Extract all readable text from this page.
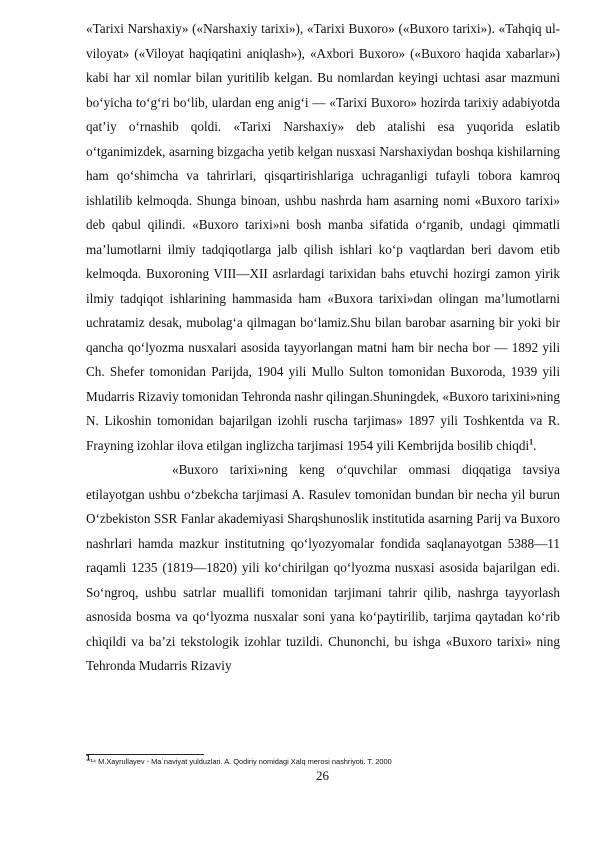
«Tarixi Narshaxiy» («Narshaxiy tarixi»), «Tarixi Buxoro» («Buxoro tarixi»). «Tahqiq ul-viloyat» («Viloyat haqiqatini aniqlash»), «Axbori Buxoro» («Buxoro haqida xabarlar») kabi har xil nomlar bilan yuritilib kelgan. Bu nomlardan keyingi uchtasi asar mazmuni bo‘yicha to‘g‘ri bo‘lib, ulardan eng anig‘i — «Tarixi Buxoro» hozirda tarixiy adabiyotda qat’iy o‘rnashib qoldi. «Tarixi Narshaxiy» deb atalishi esa yuqorida eslatib o‘tganimizdek, asarning bizgacha yetib kelgan nusxasi Narshaxiydan boshqa kishilarning ham qo‘shimcha va tahrirlari, qisqartirishlariga uchraganligi tufayli tobora kamroq ishlatilib kelmoqda. Shunga binoan, ushbu nashrda ham asarning nomi «Buxoro tarixi» deb qabul qilindi. «Buxoro tarixi»ni bosh manba sifatida o‘rganib, undagi qimmatli ma’lumotlarni ilmiy tadqiqotlarga jalb qilish ishlari ko‘p vaqtlardan beri davom etib kelmoqda. Buxoroning VIII—XII asrlardagi tarixidan bahs etuvchi hozirgi zamon yirik ilmiy tadqiqot ishlarining hammasida ham «Buxora tarixi»dan olingan ma’lumotlarni uchratamiz desak, mubolag‘a qilmagan bo‘lamiz.Shu bilan barobar asarning bir yoki bir qancha qo‘lyozma nusxalari asosida tayyorlangan matni ham bir necha bor — 1892 yili Ch. Shefer tomonidan Parijda, 1904 yili Mullo Sulton tomonidan Buxoroda, 1939 yili Mudarris Rizaviy tomonidan Tehronda nashr qilingan.Shuningdek, «Buxoro tarixini»ning N. Likoshin tomonidan bajarilgan izohli ruscha tarjimas» 1897 yili Toshkentda va R. Frayning izohlar ilova etilgan inglizcha tarjimasi 1954 yili Kembrijda bosilib chiqdi$^1$.

«Buxoro tarixi»ning keng o‘quvchilar ommasi diqqatiga tavsiya etilayotgan ushbu o‘zbekcha tarjimasi A. Rasulev tomonidan bundan bir necha yil burun O‘zbekiston SSR Fanlar akademiyasi Sharqshunoslik institutida asarning Parij va Buxoro nashrlari hamda mazkur institutning qo‘lyozyomalar fondida saqlanayotgan 5388—11 raqamli 1235 (1819—1820) yili ko‘chirilgan qo‘lyozma nusxasi asosida bajarilgan edi. So‘ngroq, ushbu satrlar muallifi tomonidan tarjimani tahrir qilib, nashrga tayyorlash asnosida bosma va qo‘lyozma nusxalar soni yana ko‘paytirilib, tarjima qaytadan ko‘rib chiqildi va ba’zi tekstologik izohlar tuzildi. Chunonchi, bu ishga «Buxoro tarixi» ning Tehronda Mudarris Rizaviy

$^1$¹⁴ M.Xayrullayev - Ma`naviyat yulduzlari. A. Qodiriy nomidagi Xalq merosi nashriyoti. T. 2000
26
